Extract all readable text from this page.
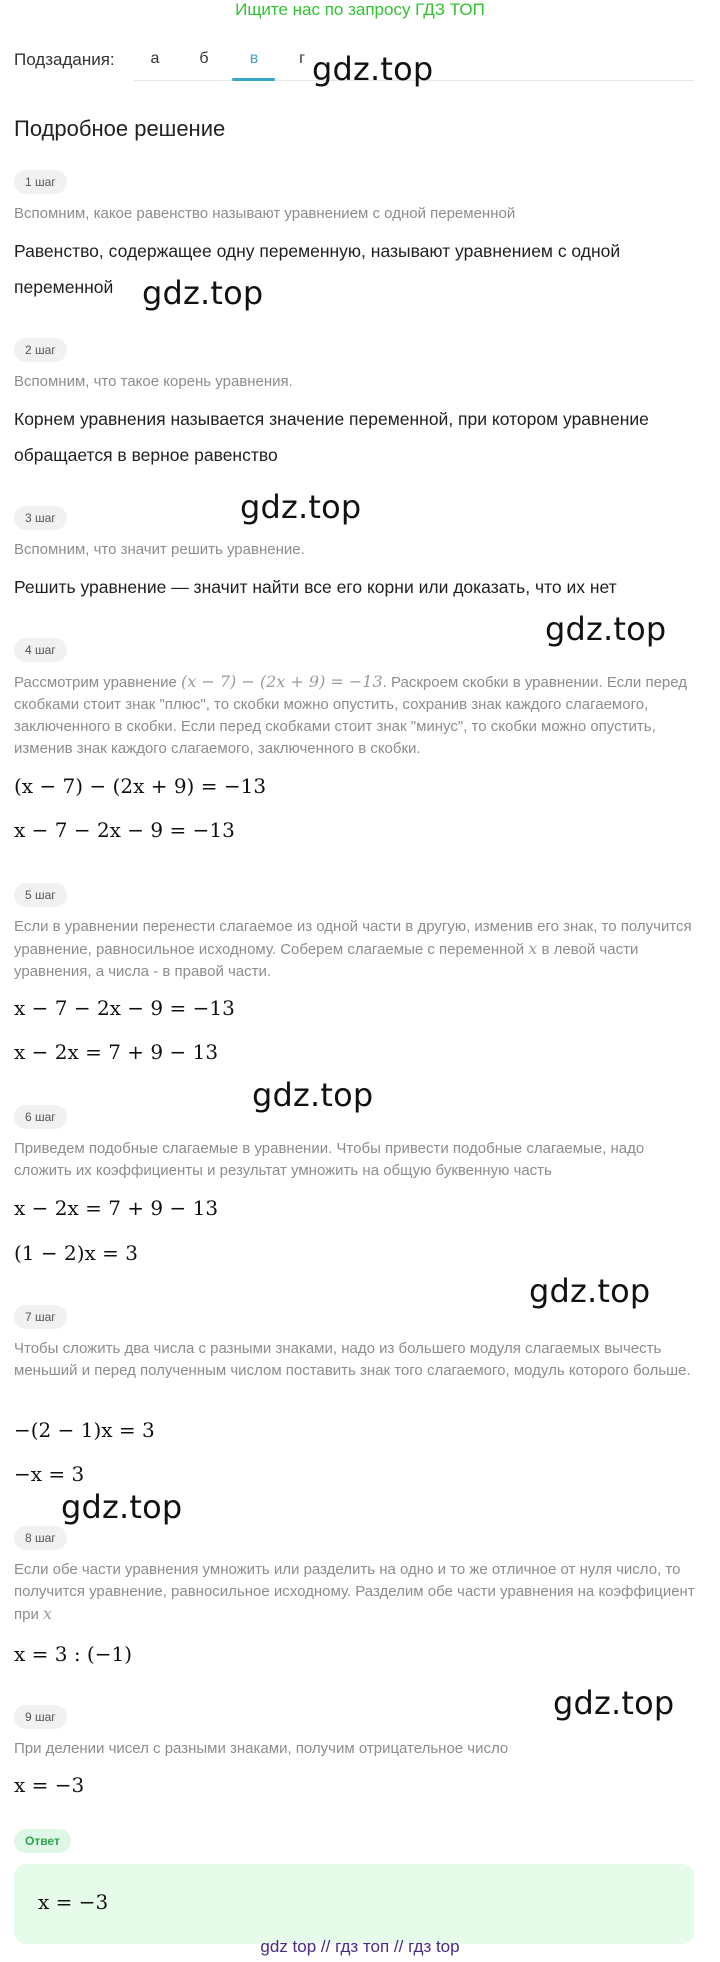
Ищите нас по запросу ГДЗ ТОП
Подзадания:	а	б	в	г gdz.top
gdz.top
gdz.top
gdz.top
gdz.top
gdz.top
gdz.top
gdz.top
Подробное решение
1 шаг
Вспомним, какое равенство называют уравнением с одной переменной
Равенство, содержащее одну переменную, называют уравнением с одной переменной
2 шаг
Вспомним, что такое корень уравнения.
Корнем уравнения называется значение переменной, при котором уравнение обращается в верное равенство
3 шаг
Вспомним, что значит решить уравнение.
Решить уравнение — значит найти все его корни или доказать, что их нет
4 шаг
Рассмотрим уравнение (x − 7) − (2x + 9) = −13. Раскроем скобки в уравнении. Если перед скобками стоит знак "плюс", то скобки можно опустить, сохранив знак каждого слагаемого, заключенного в скобки. Если перед скобками стоит знак "минус", то скобки можно опустить, изменив знак каждого слагаемого, заключенного в скобки.
(x − 7) − (2x + 9) = −13
x − 7 − 2x − 9 = −13
5 шаг
Если в уравнении перенести слагаемое из одной части в другую, изменив его знак, то получится уравнение, равносильное исходному. Соберем слагаемые с переменной x в левой части уравнения, а числа - в правой части.
x − 7 − 2x − 9 = −13
x − 2x = 7 + 9 − 13
6 шаг
Приведем подобные слагаемые в уравнении. Чтобы привести подобные слагаемые, надо сложить их коэффициенты и результат умножить на общую буквенную часть
x − 2x = 7 + 9 − 13
(1 − 2)x = 3
7 шаг
Чтобы сложить два числа с разными знаками, надо из большего модуля слагаемых вычесть меньший и перед полученным числом поставить знак того слагаемого, модуль которого больше.
−(2 − 1)x = 3
−x = 3
8 шаг
Если обе части уравнения умножить или разделить на одно и то же отличное от нуля число, то получится уравнение, равносильное исходному. Разделим обе части уравнения на коэффициент при x
x = 3 : (−1)
9 шаг
При делении чисел с разными знаками, получим отрицательное число
x = −3
Ответ
x = −3
gdz top // гдз топ // гдз top
